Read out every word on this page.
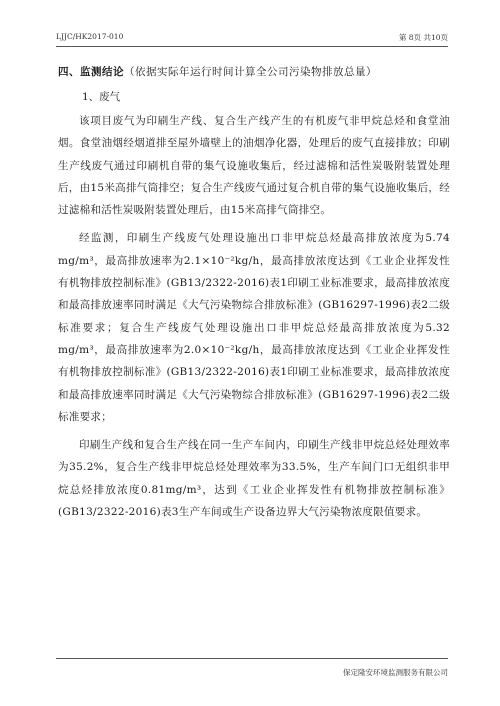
LJJC/HK2017-010	第 8页 共10页
四、监测结论（依据实际年运行时间计算全公司污染物排放总量）
1、废气

该项目废气为印刷生产线、复合生产线产生的有机废气非甲烷总烃和食堂油烟。食堂油烟经烟道排至屋外墙壁上的油烟净化器，处理后的废气直接排放；印刷生产线废气通过印刷机自带的集气设施收集后，经过滤棉和活性炭吸附装置处理后，由15米高排气筒排空；复合生产线废气通过复合机自带的集气设施收集后，经过滤棉和活性炭吸附装置处理后，由15米高排气筒排空。

经监测，印刷生产线废气处理设施出口非甲烷总烃最高排放浓度为5.74 mg/m³，最高排放速率为2.1×10⁻²kg/h，最高排放浓度达到《工业企业挥发性有机物排放控制标准》(GB13/2322-2016)表1印刷工业标准要求，最高排放浓度和最高排放速率同时满足《大气污染物综合排放标准》(GB16297-1996)表2二级标准要求；复合生产线废气处理设施出口非甲烷总烃最高排放浓度为5.32 mg/m³，最高排放速率为2.0×10⁻²kg/h，最高排放浓度达到《工业企业挥发性有机物排放控制标准》(GB13/2322-2016)表1印刷工业标准要求，最高排放浓度和最高排放速率同时满足《大气污染物综合排放标准》(GB16297-1996)表2二级标准要求；

印刷生产线和复合生产线在同一生产车间内，印刷生产线非甲烷总烃处理效率为35.2%，复合生产线非甲烷总烃处理效率为33.5%，生产车间门口无组织非甲烷总烃排放浓度0.81mg/m³，达到《工业企业挥发性有机物排放控制标准》(GB13/2322-2016)表3生产车间或生产设备边界大气污染物浓度限值要求。

保定隆安环境监测服务有限公司
